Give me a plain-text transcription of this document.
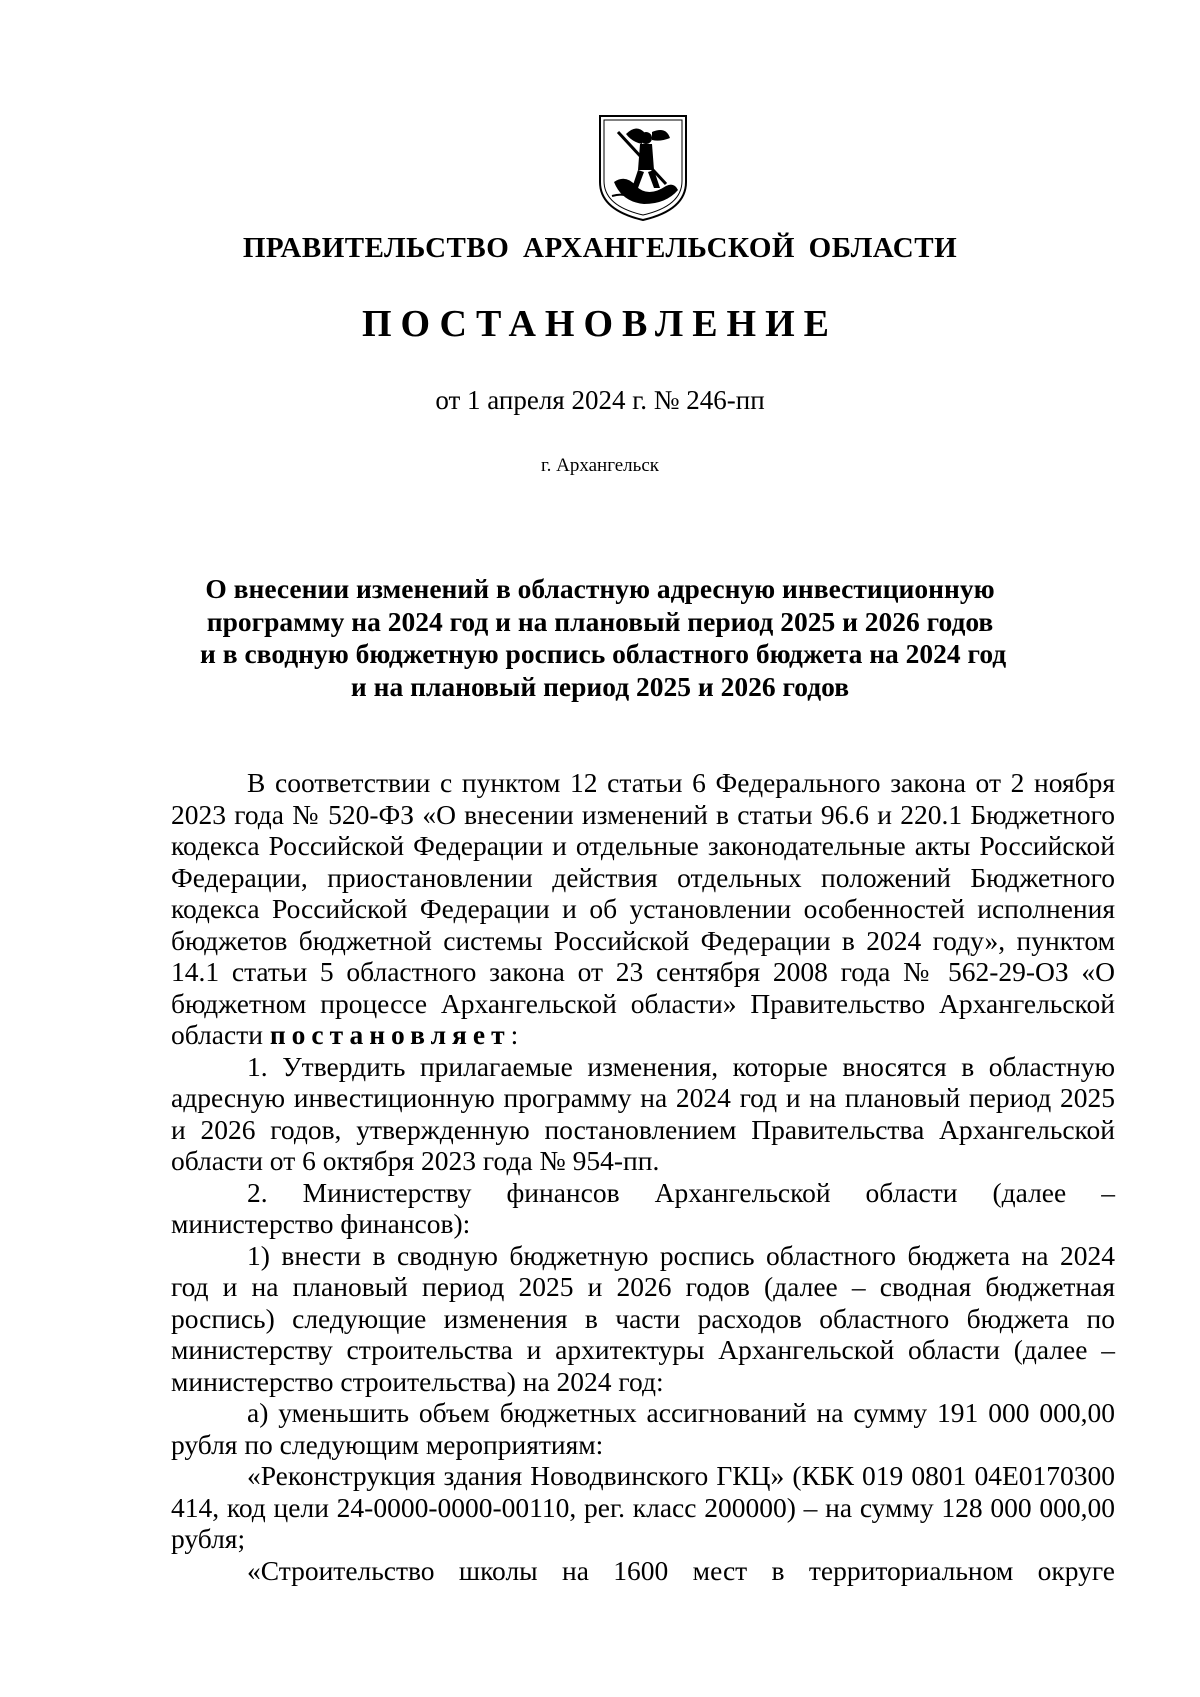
ПРАВИТЕЛЬСТВО АРХАНГЕЛЬСКОЙ ОБЛАСТИ
ПОСТАНОВЛЕНИЕ
от 1 апреля 2024 г. № 246-пп
г. Архангельск
О внесении изменений в областную адресную инвестиционную
программу на 2024 год и на плановый период 2025 и 2026 годов
и в сводную бюджетную роспись областного бюджета на 2024 год
и на плановый период 2025 и 2026 годов

В соответствии с пунктом 12 статьи 6 Федерального закона от 2 ноября 2023 года № 520-ФЗ «О внесении изменений в статьи 96.6 и 220.1 Бюджетного кодекса Российской Федерации и отдельные законодательные акты Российской Федерации, приостановлении действия отдельных положений Бюджетного кодекса Российской Федерации и об установлении особенностей исполнения бюджетов бюджетной системы Российской Федерации в 2024 году», пунктом 14.1 статьи 5 областного закона от 23 сентября 2008 года № 562-29-ОЗ «О бюджетном процессе Архангельской области» Правительство Архангельской области постановляет:

1. Утвердить прилагаемые изменения, которые вносятся в областную адресную инвестиционную программу на 2024 год и на плановый период 2025 и 2026 годов, утвержденную постановлением Правительства Архангельской области от 6 октября 2023 года № 954-пп.

2. Министерству финансов Архангельской области (далее – министерство финансов):

1) внести в сводную бюджетную роспись областного бюджета на 2024 год и на плановый период 2025 и 2026 годов (далее – сводная бюджетная роспись) следующие изменения в части расходов областного бюджета по министерству строительства и архитектуры Архангельской области (далее – министерство строительства) на 2024 год:

а) уменьшить объем бюджетных ассигнований на сумму 191 000 000,00 рубля по следующим мероприятиям:

«Реконструкция здания Новодвинского ГКЦ» (КБК 019 0801 04Е0170300 414, код цели 24-0000-0000-00110, рег. класс 200000) – на сумму 128 000 000,00 рубля;

«Строительство школы на 1600 мест в территориальном округе
